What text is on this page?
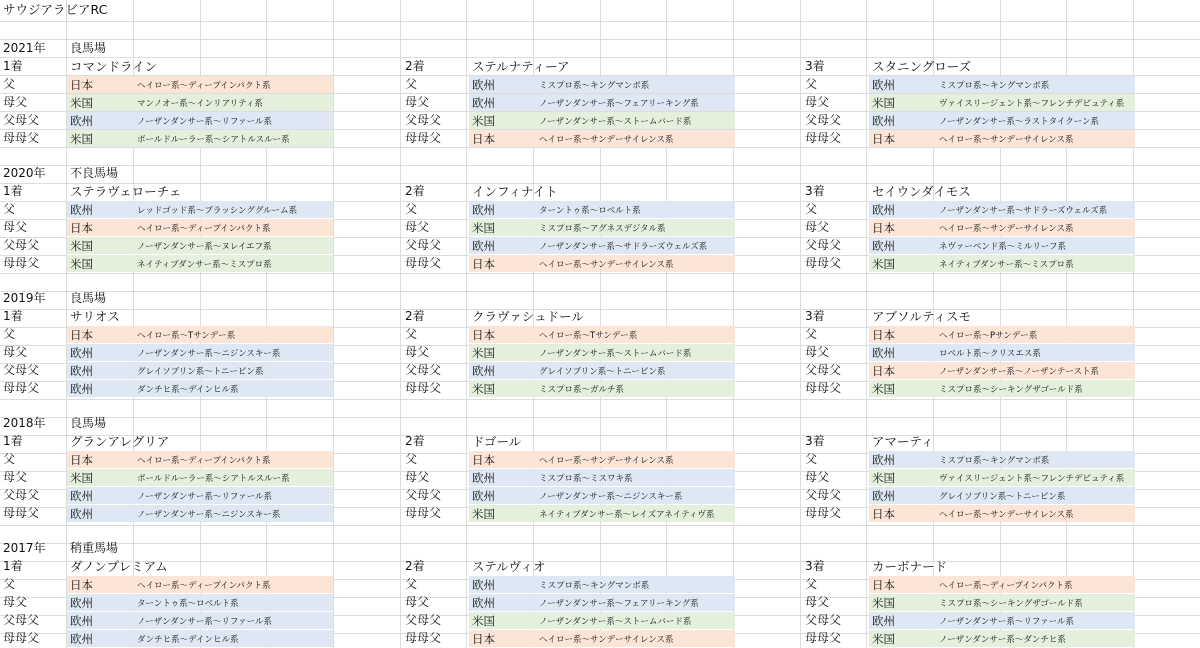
サウジアラビアRC
2021年 良馬場
1着	コマンドライン	2着	ステルナティーア	3着	スタニングローズ
父	日本	ヘイロー系～ディープインパクト系	父	欧州	ミスプロ系～キングマンボ系	父	欧州	ミスプロ系～キングマンボ系
母父	米国	マンノオー系～インリアリティ系	母父	欧州	ノーザンダンサー系～フェアリーキング系	母父	米国	ヴァイスリージェント系～フレンチデピュティ系
父母父	欧州	ノーザンダンサー系～リファール系	父母父	米国	ノーザンダンサー系～ストームバード系	父母父	欧州	ノーザンダンサー系～ラストタイクーン系
母母父	米国	ボールドルーラー系～シアトルスルー系	母母父	日本	ヘイロー系～サンデーサイレンス系	母母父	日本	ヘイロー系～サンデーサイレンス系
2020年 不良馬場
1着	ステラヴェローチェ	2着	インフィナイト	3着	セイウンダイモス
父	欧州	レッドゴッド系～ブラッシンググルーム系	父	欧州	ターントゥ系～ロベルト系	父	欧州	ノーザンダンサー系～サドラーズウェルズ系
母父	日本	ヘイロー系～ディープインパクト系	母父	米国	ミスプロ系～アグネスデジタル系	母父	日本	ヘイロー系～サンデーサイレンス系
父母父	米国	ノーザンダンサー系～ヌレイエフ系	父母父	欧州	ノーザンダンサー系～サドラーズウェルズ系	父母父	欧州	ネヴァーベンド系～ミルリーフ系
母母父	米国	ネイティブダンサー系～ミスプロ系	母母父	日本	ヘイロー系～サンデーサイレンス系	母母父	米国	ネイティブダンサー系～ミスプロ系
2019年 良馬場
1着	サリオス	2着	クラヴァシュドール	3着	アブソルティスモ
父	日本	ヘイロー系～Tサンデー系	父	日本	ヘイロー系～Tサンデー系	父	日本	ヘイロー系～Pサンデー系
母父	欧州	ノーザンダンサー系～ニジンスキー系	母父	米国	ノーザンダンサー系～ストームバード系	母父	欧州	ロベルト系～クリスエス系
父母父	欧州	グレイソブリン系～トニービン系	父母父	欧州	グレイソブリン系～トニービン系	父母父	日本	ノーザンダンサー系～ノーザンテースト系
母母父	欧州	ダンチヒ系～デインヒル系	母母父	米国	ミスプロ系～ガルチ系	母母父	米国	ミスプロ系～シーキングザゴールド系
2018年 良馬場
1着	グランアレグリア	2着	ドゴール	3着	アマーティ
父	日本	ヘイロー系～ディープインパクト系	父	日本	ヘイロー系～サンデーサイレンス系	父	欧州	ミスプロ系～キングマンボ系
母父	米国	ボールドルーラー系～シアトルスルー系	母父	欧州	ミスプロ系～ミスワキ系	母父	米国	ヴァイスリージェント系～フレンチデピュティ系
父母父	欧州	ノーザンダンサー系～リファール系	父母父	欧州	ノーザンダンサー系～ニジンスキー系	父母父	欧州	グレイソブリン系～トニービン系
母母父	欧州	ノーザンダンサー系～ニジンスキー系	母母父	米国	ネイティブダンサー系～レイズアネイティヴ系	母母父	日本	ヘイロー系～サンデーサイレンス系
2017年 稍重馬場
1着	ダノンプレミアム	2着	ステルヴィオ	3着	カーボナード
父	日本	ヘイロー系～ディープインパクト系	父	欧州	ミスプロ系～キングマンボ系	父	日本	ヘイロー系～ディープインパクト系
母父	欧州	ターントゥ系～ロベルト系	母父	欧州	ノーザンダンサー系～フェアリーキング系	母父	米国	ミスプロ系～シーキングザゴールド系
父母父	欧州	ノーザンダンサー系～リファール系	父母父	米国	ノーザンダンサー系～ストームバード系	父母父	欧州	ノーザンダンサー系～リファール系
母母父	欧州	ダンチヒ系～デインヒル系	母母父	日本	ヘイロー系～サンデーサイレンス系	母母父	米国	ノーザンダンサー系～ダンチヒ系
